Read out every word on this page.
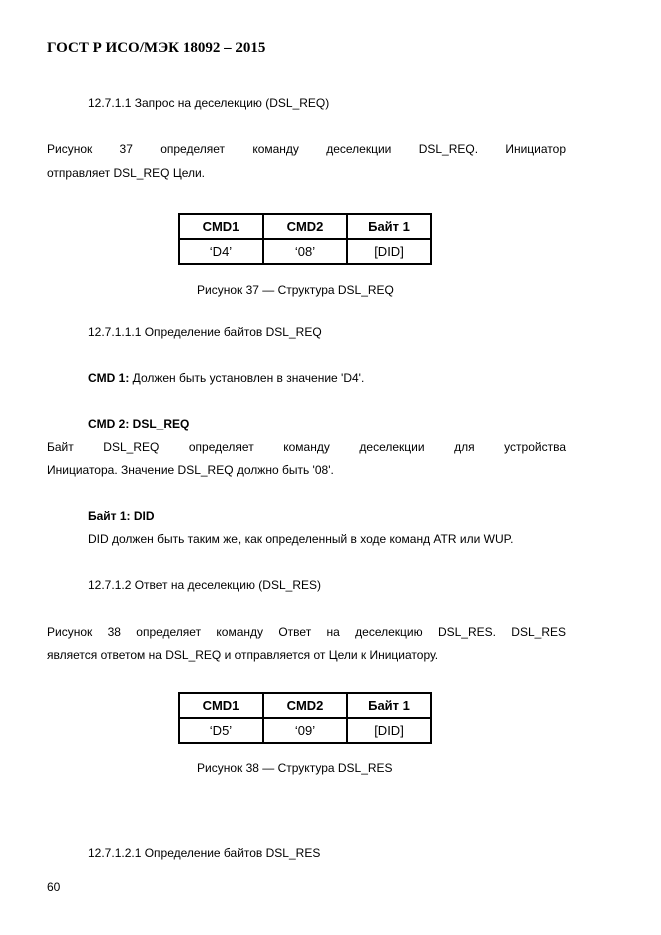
ГОСТ Р ИСО/МЭК 18092 – 2015
12.7.1.1 Запрос на деселекцию (DSL_REQ)
Рисунок 37 определяет команду деселекции DSL_REQ. Инициатор
отправляет DSL_REQ Цели.
CMD1	CMD2	Байт 1
‘D4’	‘08’	[DID]
Рисунок 37 — Структура DSL_REQ
12.7.1.1.1 Определение байтов DSL_REQ
CMD 1: Должен быть установлен в значение 'D4'.
CMD 2: DSL_REQ
Байт DSL_REQ определяет команду деселекции для устройства
Инициатора. Значение DSL_REQ должно быть '08'.
Байт 1: DID
DID должен быть таким же, как определенный в ходе команд ATR или WUP.
12.7.1.2 Ответ на деселекцию (DSL_RES)
Рисунок 38 определяет команду Ответ на деселекцию DSL_RES. DSL_RES
является ответом на DSL_REQ и отправляется от Цели к Инициатору.
CMD1	CMD2	Байт 1
‘D5’	‘09’	[DID]
Рисунок 38 — Структура DSL_RES
12.7.1.2.1 Определение байтов DSL_RES
60
